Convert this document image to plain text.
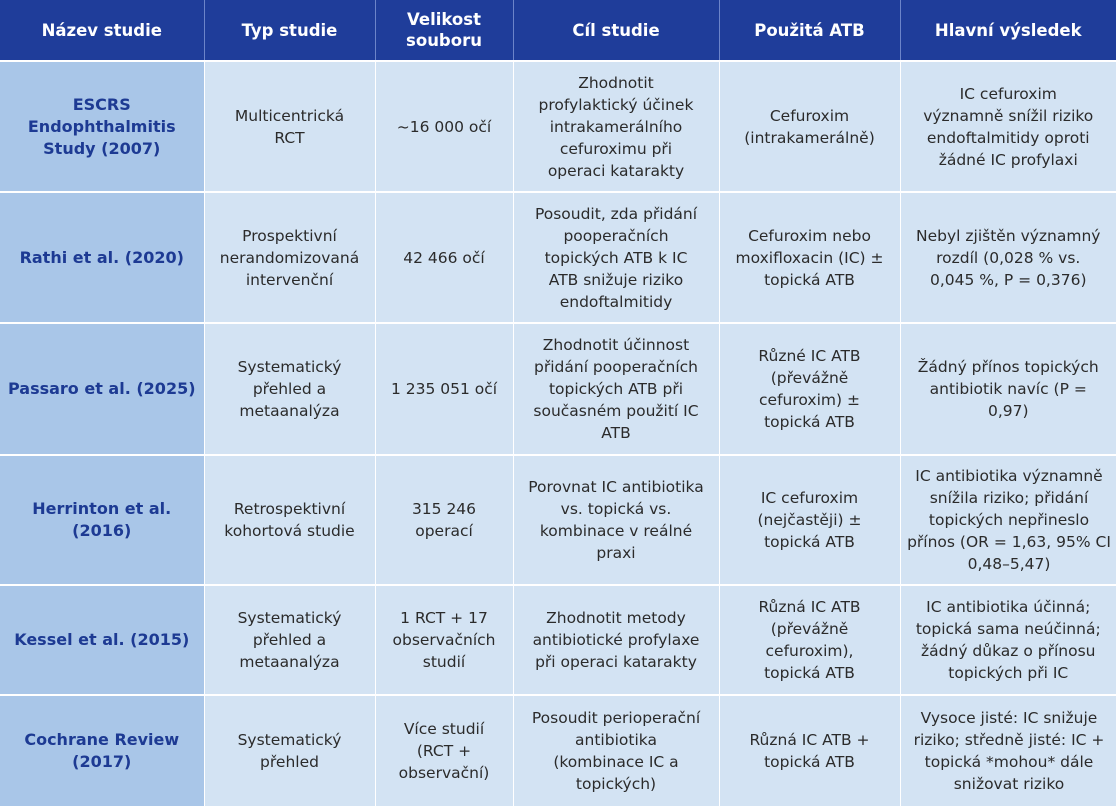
Název studie	Typ studie	Velikost souboru	Cíl studie	Použitá ATB	Hlavní výsledek
ESCRS Endophthalmitis Study (2007)	Multicentrická RCT	~16 000 očí	Zhodnotit profylaktický účinek intrakamerálního cefuroximu při operaci katarakty	Cefuroxim (intrakamerálně)	IC cefuroxim významně snížil riziko endoftalmitidy oproti žádné IC profylaxi
Rathi et al. (2020)	Prospektivní nerandomizovaná intervenční	42 466 očí	Posoudit, zda přidání pooperačních topických ATB k IC ATB snižuje riziko endoftalmitidy	Cefuroxim nebo moxifloxacin (IC) ± topická ATB	Nebyl zjištěn významný rozdíl (0,028 % vs. 0,045 %, P = 0,376)
Passaro et al. (2025)	Systematický přehled a metaanalýza	1 235 051 očí	Zhodnotit účinnost přidání pooperačních topických ATB při současném použití IC ATB	Různé IC ATB (převážně cefuroxim) ± topická ATB	Žádný přínos topických antibiotik navíc (P = 0,97)
Herrinton et al. (2016)	Retrospektivní kohortová studie	315 246 operací	Porovnat IC antibiotika vs. topická vs. kombinace v reálné praxi	IC cefuroxim (nejčastěji) ± topická ATB	IC antibiotika významně snížila riziko; přidání topických nepřineslo přínos (OR = 1,63, 95% CI 0,48–5,47)
Kessel et al. (2015)	Systematický přehled a metaanalýza	1 RCT + 17 observačních studií	Zhodnotit metody antibiotické profylaxe při operaci katarakty	Různá IC ATB (převážně cefuroxim), topická ATB	IC antibiotika účinná; topická sama neúčinná; žádný důkaz o přínosu topických při IC
Cochrane Review (2017)	Systematický přehled	Více studií (RCT + observační)	Posoudit perioperační antibiotika (kombinace IC a topických)	Různá IC ATB + topická ATB	Vysoce jisté: IC snižuje riziko; středně jisté: IC + topická *mohou* dále snižovat riziko
